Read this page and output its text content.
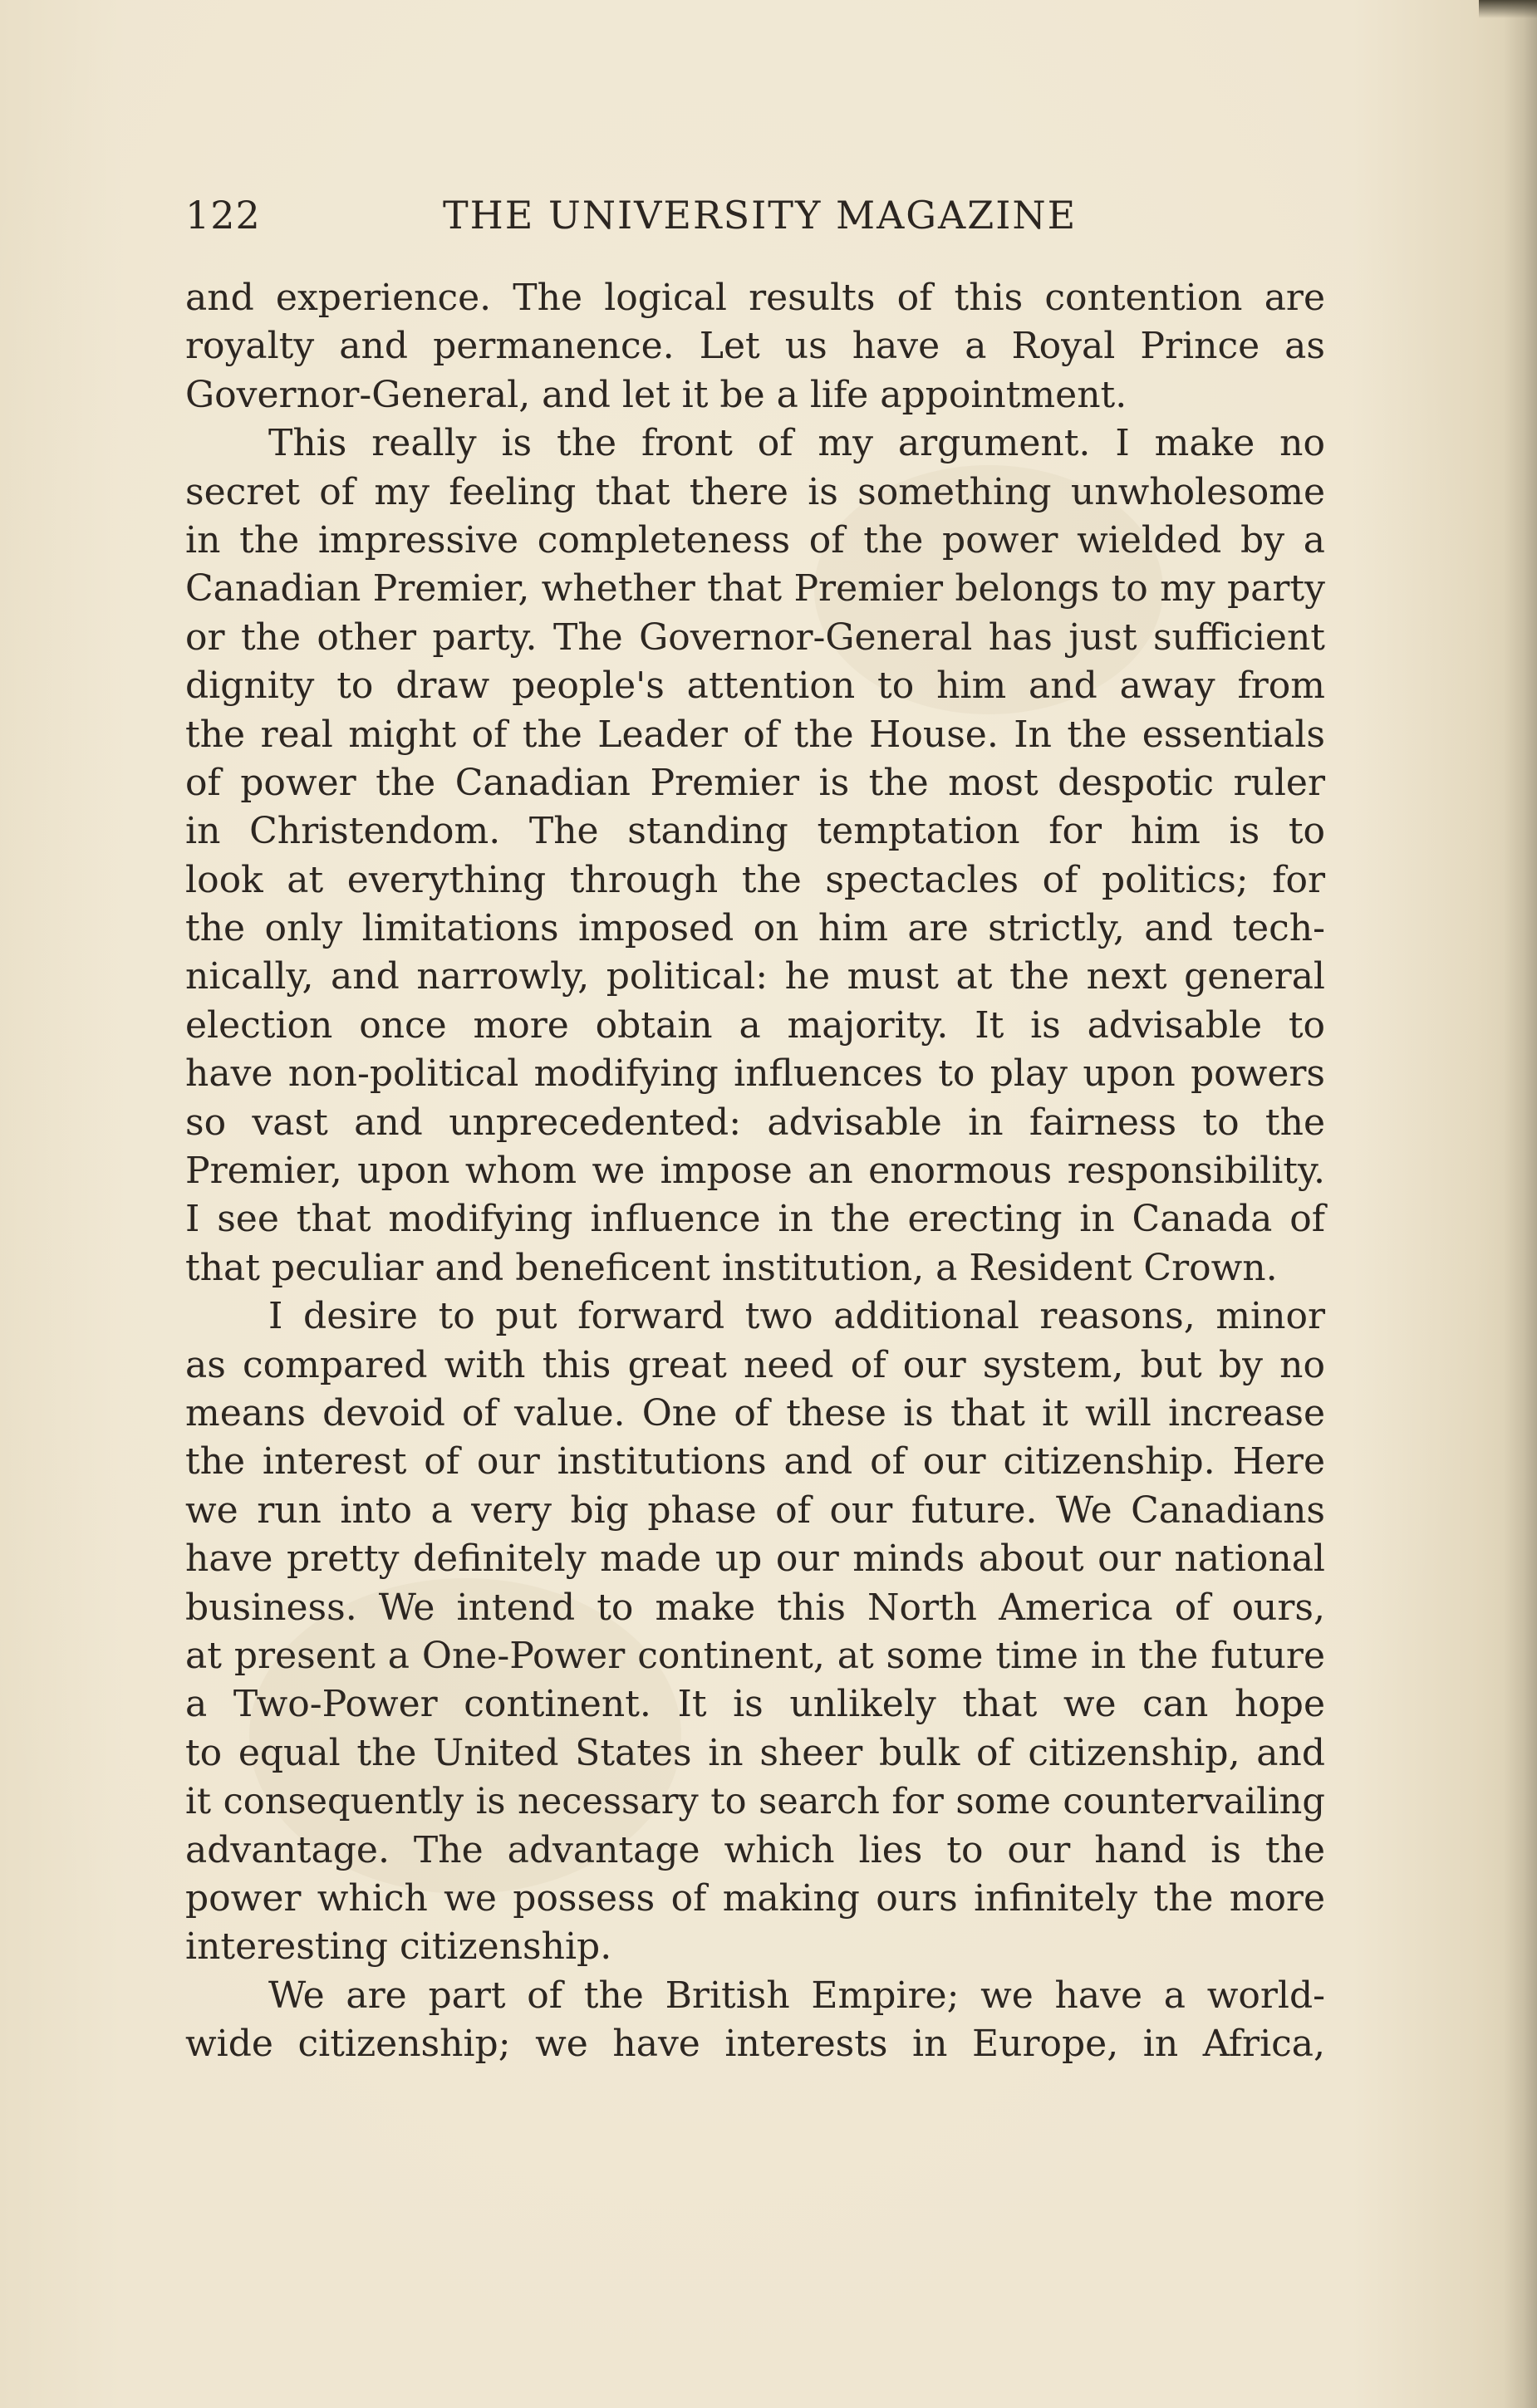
122	THE UNIVERSITY MAGAZINE
and experience. The logical results of this contention are
royalty and permanence. Let us have a Royal Prince as
Governor-General, and let it be a life appointment.
This really is the front of my argument. I make no
secret of my feeling that there is something unwholesome
in the impressive completeness of the power wielded by a
Canadian Premier, whether that Premier belongs to my party
or the other party. The Governor-General has just sufficient
dignity to draw people's attention to him and away from
the real might of the Leader of the House. In the essentials
of power the Canadian Premier is the most despotic ruler
in Christendom. The standing temptation for him is to
look at everything through the spectacles of politics; for
the only limitations imposed on him are strictly, and tech-
nically, and narrowly, political: he must at the next general
election once more obtain a majority. It is advisable to
have non-political modifying influences to play upon powers
so vast and unprecedented: advisable in fairness to the
Premier, upon whom we impose an enormous responsibility.
I see that modifying influence in the erecting in Canada of
that peculiar and beneficent institution, a Resident Crown.
I desire to put forward two additional reasons, minor
as compared with this great need of our system, but by no
means devoid of value. One of these is that it will increase
the interest of our institutions and of our citizenship. Here
we run into a very big phase of our future. We Canadians
have pretty definitely made up our minds about our national
business. We intend to make this North America of ours,
at present a One-Power continent, at some time in the future
a Two-Power continent. It is unlikely that we can hope
to equal the United States in sheer bulk of citizenship, and
it consequently is necessary to search for some countervailing
advantage. The advantage which lies to our hand is the
power which we possess of making ours infinitely the more
interesting citizenship.
We are part of the British Empire; we have a world-
wide citizenship; we have interests in Europe, in Africa,
